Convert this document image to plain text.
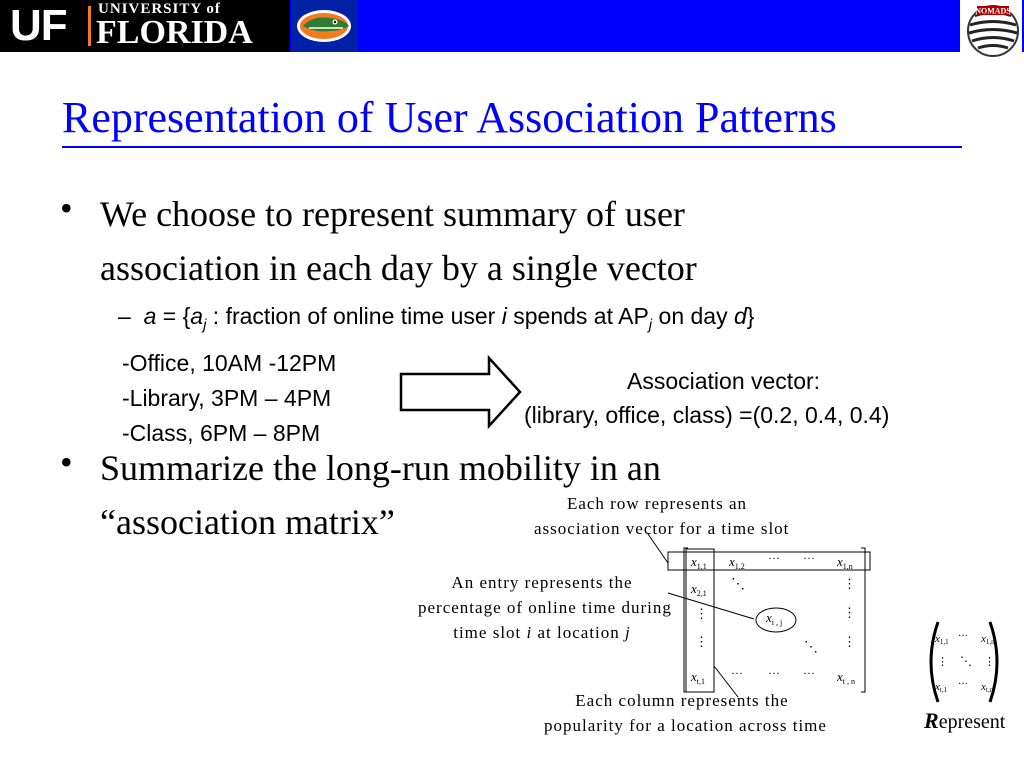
UF UNIVERSITY of
FLORIDA
NOMADS
Representation of User Association Patterns
• We choose to represent summary of user
association in each day by a single vector
– $a = \{a_j$ : fraction of online time user i spends at $AP_j$ on day d}
-Office, 10AM -12PM
-Library, 3PM – 4PM
-Class, 6PM – 8PM
Association vector:
(library, office, class) =(0.2, 0.4, 0.4)
• Summarize the long-run mobility in an
“association matrix”	Each row represents an
association vector for a time slot
An entry represents the
percentage of online time during
time slot i at location j
Each column represents the
popularity for a location across time
$x_{1,1}$ $x_{1,2}$
··· ··· $x_{1,n}$
$x_{2,1}$
⋱	⋮
⋮
⋮
⋮
⋮
$x_{i , j}$
⋱
$x_{t,1}$
··· ··· ··· $x_{t , n}$
x1,1 ··· x1,n
⋮ ⋱ ⋮
xt,1 ··· xt,n
Represent
